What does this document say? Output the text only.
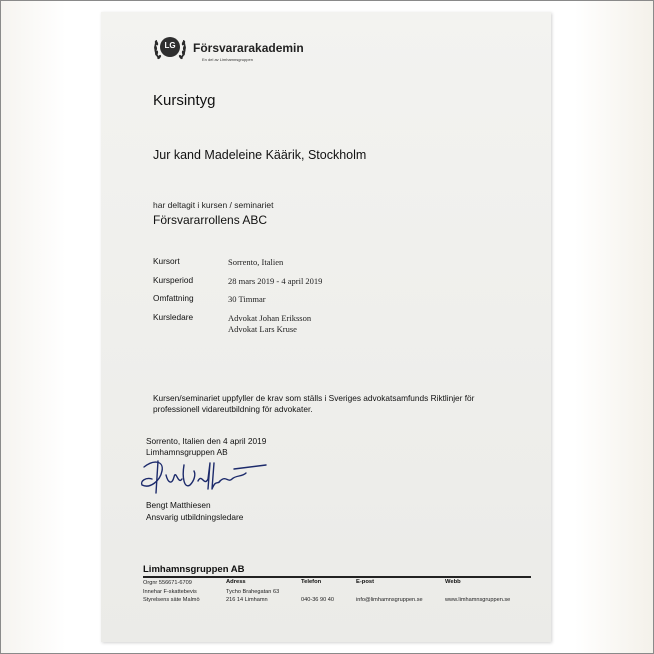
LG Försvararakademin
En del av Limhamnsgruppen
Kursintyg
Jur kand Madeleine Käärik, Stockholm
har deltagit i kursen / seminariet
Försvararrollens ABC
Kursort	Sorrento, Italien
Kursperiod	28 mars 2019 - 4 april 2019
Omfattning	30 Timmar
Kursledare	Advokat Johan Eriksson
Advokat Lars Kruse
Kursen/seminariet uppfyller de krav som ställs i Sveriges advokatsamfunds Riktlinjer för
professionell vidareutbildning för advokater.
Sorrento, Italien den 4 april 2019
Limhamnsgruppen AB
Bengt Matthiesen
Ansvarig utbildningsledare
Limhamnsgruppen AB
Orgnr 556671-6709
Innehar F-skattebevis
Styrelsens säte Malmö
Adress
Tycho Brahegatan 63
216 14 Limhamn
Telefon
040-36 90 40
E-post
info@limhamnsgruppen.se
Webb
www.limhamnsgruppen.se
